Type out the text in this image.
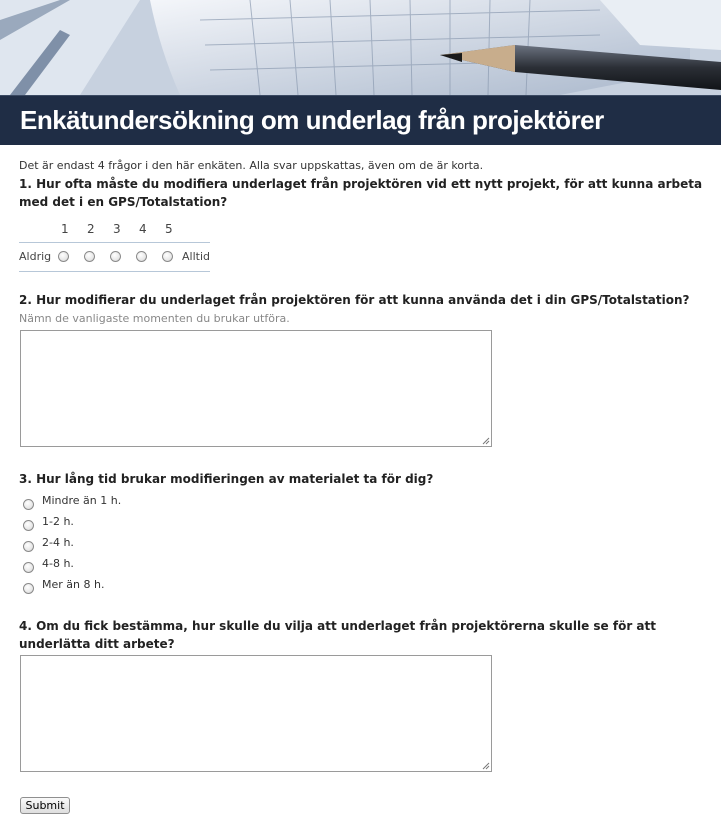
Enkätundersökning om underlag från projektörer
Det är endast 4 frågor i den här enkäten. Alla svar uppskattas, även om de är korta.
1. Hur ofta måste du modifiera underlaget från projektören vid ett nytt projekt, för att kunna arbeta med det i en GPS/Totalstation?
1 2 3 4 5
Aldrig	Alltid
2. Hur modifierar du underlaget från projektören för att kunna använda det i din GPS/Totalstation?
Nämn de vanligaste momenten du brukar utföra.
3. Hur lång tid brukar modifieringen av materialet ta för dig?
Mindre än 1 h.
1-2 h.
2-4 h.
4-8 h.
Mer än 8 h.
4. Om du fick bestämma, hur skulle du vilja att underlaget från projektörerna skulle se för att underlätta ditt arbete?
Submit
